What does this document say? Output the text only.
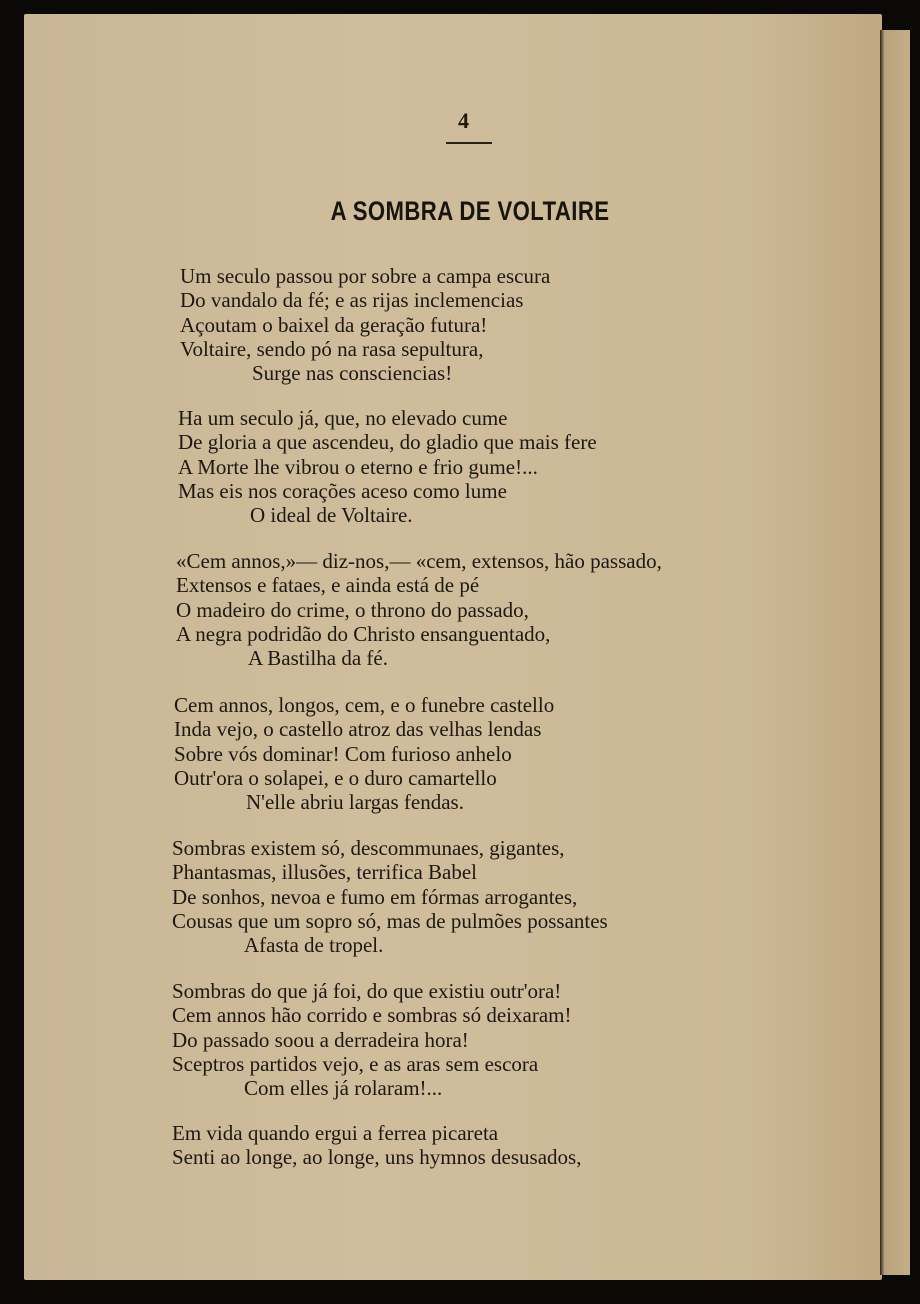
4
A SOMBRA DE VOLTAIRE
Um seculo passou por sobre a campa escura
Do vandalo da fé; e as rijas inclemencias
Açoutam o baixel da geração futura!
Voltaire, sendo pó na rasa sepultura,
Surge nas consciencias!
Ha um seculo já, que, no elevado cume
De gloria a que ascendeu, do gladio que mais fere
A Morte lhe vibrou o eterno e frio gume!...
Mas eis nos corações aceso como lume
O ideal de Voltaire.
«Cem annos,»— diz-nos,— «cem, extensos, hão passado,
Extensos e fataes, e ainda está de pé
O madeiro do crime, o throno do passado,
A negra podridão do Christo ensanguentado,
A Bastilha da fé.
Cem annos, longos, cem, e o funebre castello
Inda vejo, o castello atroz das velhas lendas
Sobre vós dominar! Com furioso anhelo
Outr'ora o solapei, e o duro camartello
N'elle abriu largas fendas.
Sombras existem só, descommunaes, gigantes,
Phantasmas, illusões, terrifica Babel
De sonhos, nevoa e fumo em fórmas arrogantes,
Cousas que um sopro só, mas de pulmões possantes
Afasta de tropel.
Sombras do que já foi, do que existiu outr'ora!
Cem annos hão corrido e sombras só deixaram!
Do passado soou a derradeira hora!
Sceptros partidos vejo, e as aras sem escora
Com elles já rolaram!...
Em vida quando ergui a ferrea picareta
Senti ao longe, ao longe, uns hymnos desusados,
